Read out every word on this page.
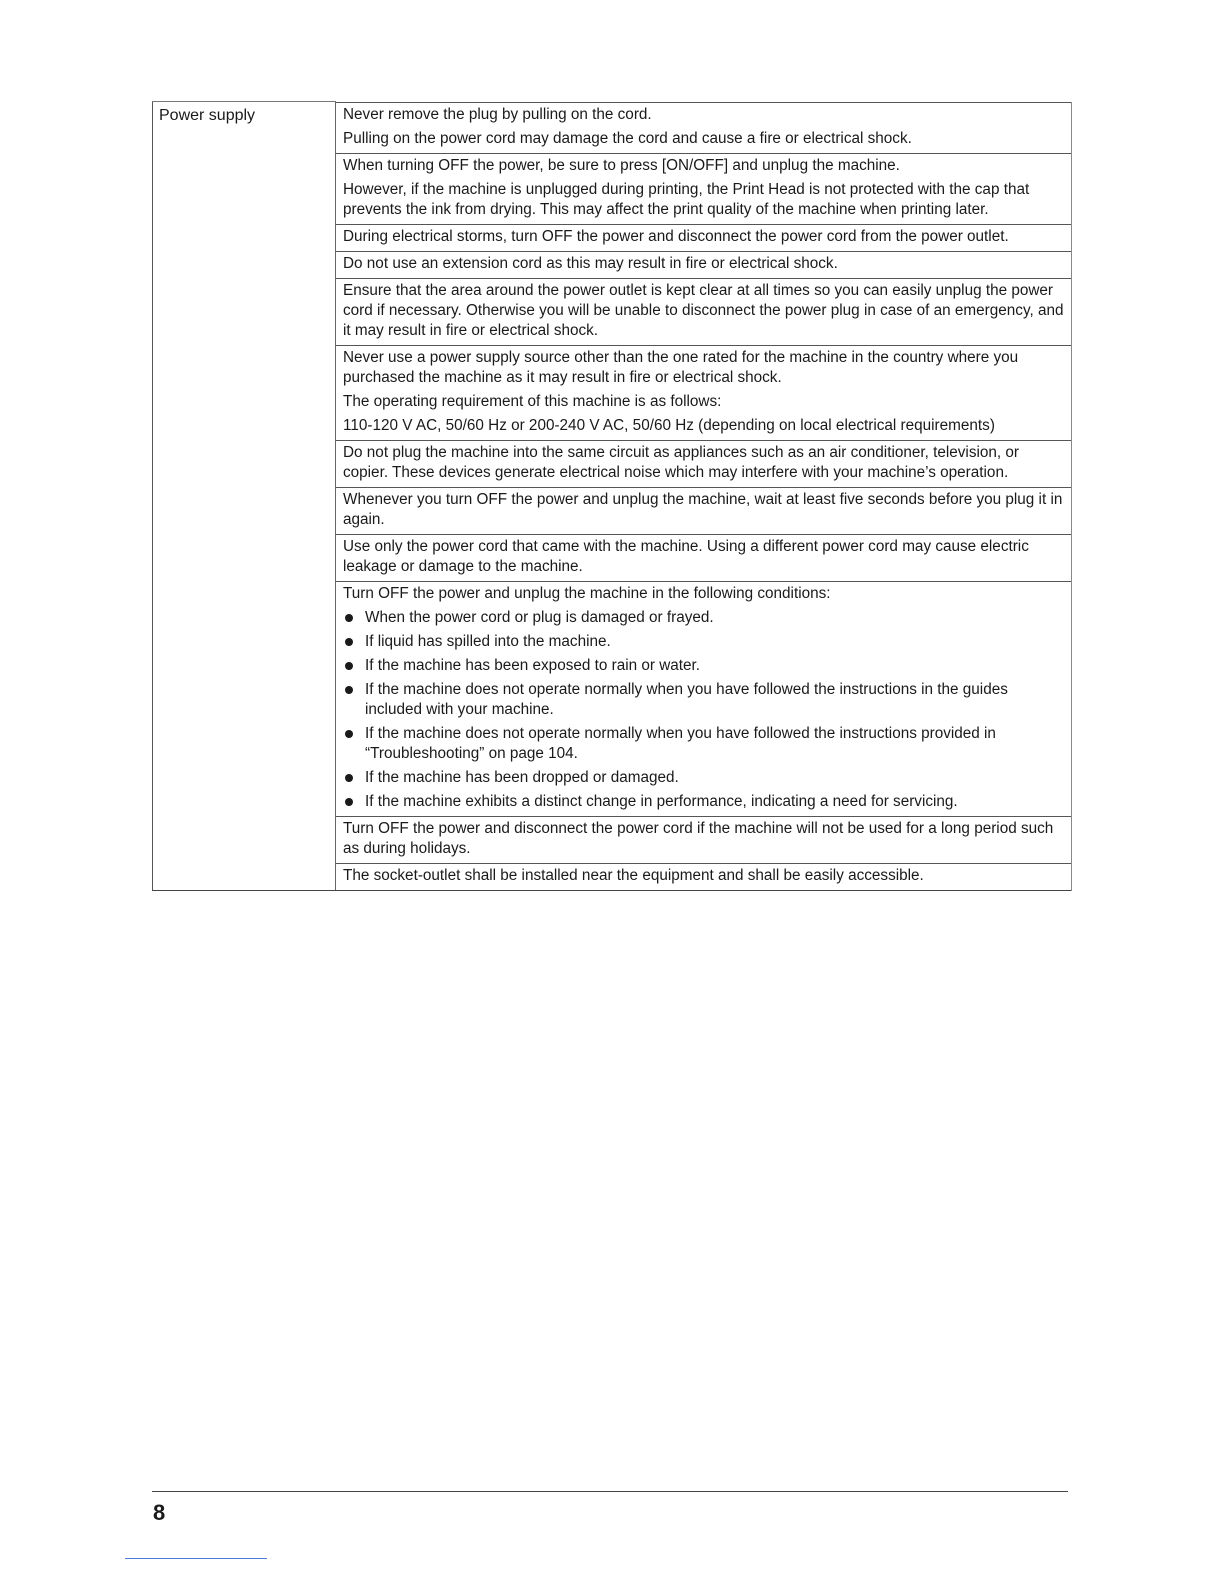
Power supply	Never remove the plug by pulling on the cord.

Pulling on the power cord may damage the cord and cause a fire or electrical shock.

When turning OFF the power, be sure to press [ON/OFF] and unplug the machine.

However, if the machine is unplugged during printing, the Print Head is not protected with the cap that prevents the ink from drying. This may affect the print quality of the machine when printing later.

During electrical storms, turn OFF the power and disconnect the power cord from the power outlet.

Do not use an extension cord as this may result in fire or electrical shock.

Ensure that the area around the power outlet is kept clear at all times so you can easily unplug the power cord if necessary. Otherwise you will be unable to disconnect the power plug in case of an emergency, and it may result in fire or electrical shock.

Never use a power supply source other than the one rated for the machine in the country where you purchased the machine as it may result in fire or electrical shock.

The operating requirement of this machine is as follows:

110-120 V AC, 50/60 Hz or 200-240 V AC, 50/60 Hz (depending on local electrical requirements)

Do not plug the machine into the same circuit as appliances such as an air conditioner, television, or copier. These devices generate electrical noise which may interfere with your machine’s operation.

Whenever you turn OFF the power and unplug the machine, wait at least five seconds before you plug it in again.

Use only the power cord that came with the machine. Using a different power cord may cause electric leakage or damage to the machine.

Turn OFF the power and unplug the machine in the following conditions:

When the power cord or plug is damaged or frayed.
If liquid has spilled into the machine.
If the machine has been exposed to rain or water.
If the machine does not operate normally when you have followed the instructions in the guides included with your machine.
If the machine does not operate normally when you have followed the instructions provided in “Troubleshooting” on page 104.
If the machine has been dropped or damaged.
If the machine exhibits a distinct change in performance, indicating a need for servicing.

Turn OFF the power and disconnect the power cord if the machine will not be used for a long period such as during holidays.

The socket-outlet shall be installed near the equipment and shall be easily accessible.

8
